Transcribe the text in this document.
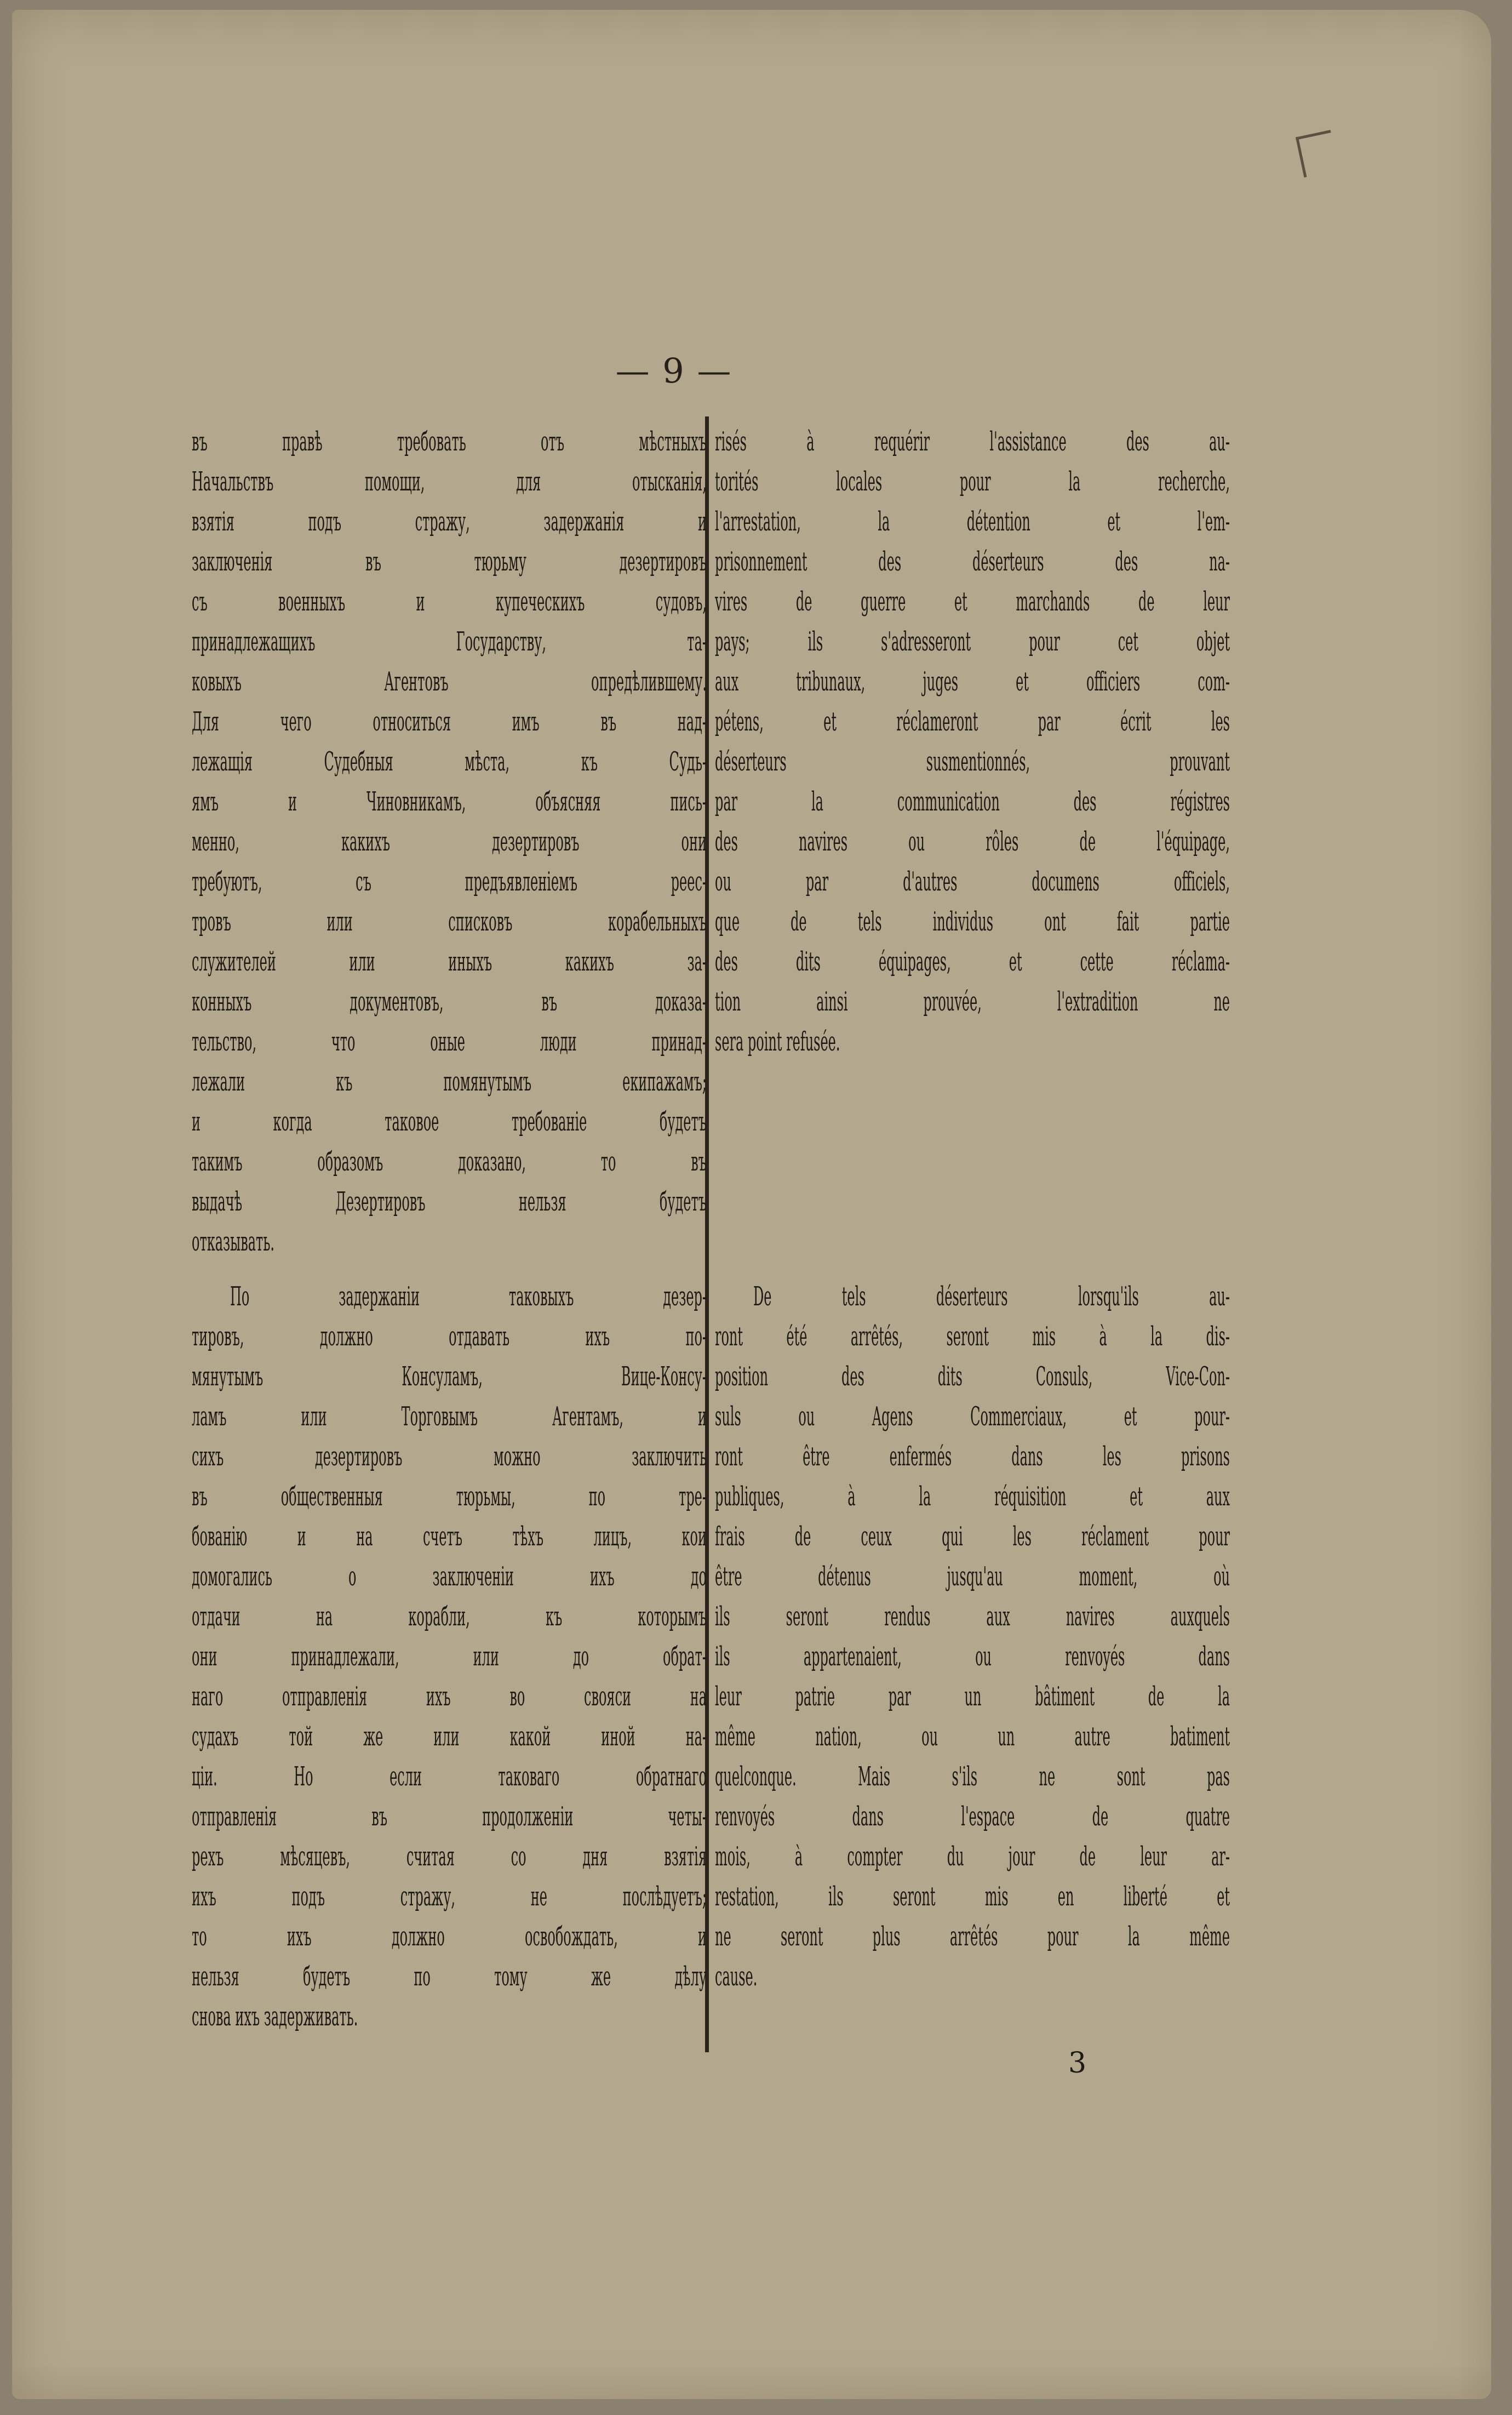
— 9 —

въ правѣ требовать отъ мѣстныхъ

Начальствъ помощи, для отысканія,

взятія подъ стражу, задержанія и

заключенія въ тюрьму дезертировъ

съ военныхъ и купеческихъ судовъ,

принадлежащихъ Государству, та-

ковыхъ Агентовъ опредѣлившему.

Для чего относиться имъ въ над-

лежащія Судебныя мѣста, къ Судь-

ямъ и Чиновникамъ, объясняя пись-

менно, какихъ дезертировъ они

требуютъ, съ предъявленіемъ реес-

тровъ или списковъ корабельныхъ

служителей или иныхъ какихъ за-

конныхъ документовъ, въ доказа-

тельство, что оные люди принад-

лежали къ помянутымъ екипажамъ;

и когда таковое требованіе будетъ

такимъ образомъ доказано, то въ

выдачѣ Дезертировъ нельзя будетъ

отказывать.

По задержаніи таковыхъ дезер-

тировъ, должно отдавать ихъ по-

мянутымъ Консуламъ, Вице-Консу-

ламъ или Торговымъ Агентамъ, и

сихъ дезертировъ можно заключить

въ общественныя тюрьмы, по тре-

бованію и на счетъ тѣхъ лицъ, кои

домогались о заключеніи ихъ до

отдачи на корабли, къ которымъ

они принадлежали, или до обрат-

наго отправленія ихъ во свояси на

судахъ той же или какой иной на-

ціи. Но если таковаго обратнаго

отправленія въ продолженіи четы-

рехъ мѣсяцевъ, считая со дня взятія

ихъ подъ стражу, не послѣдуетъ;

то ихъ должно освобождать, и

нельзя будетъ по тому же дѣлу

снова ихъ задерживать.

risés à requérir l'assistance des au-

torités locales pour la recherche,

l'arrestation, la détention et l'em-

prisonnement des déserteurs des na-

vires de guerre et marchands de leur

pays; ils s'adresseront pour cet objet

aux tribunaux, juges et officiers com-

pétens, et réclameront par écrit les

déserteurs susmentionnés, prouvant

par la communication des régistres

des navires ou rôles de l'équipage,

ou par d'autres documens officiels,

que de tels individus ont fait partie

des dits équipages, et cette réclama-

tion ainsi prouvée, l'extradition ne

sera point refusée.

De tels déserteurs lorsqu'ils au-

ront été arrêtés, seront mis à la dis-

position des dits Consuls, Vice-Con-

suls ou Agens Commerciaux, et pour-

ront être enfermés dans les prisons

publiques, à la réquisition et aux

frais de ceux qui les réclament pour

être détenus jusqu'au moment, où

ils seront rendus aux navires auxquels

ils appartenaient, ou renvoyés dans

leur patrie par un bâtiment de la

même nation, ou un autre batiment

quelconque. Mais s'ils ne sont pas

renvoyés dans l'espace de quatre

mois, à compter du jour de leur ar-

restation, ils seront mis en liberté et

ne seront plus arrêtés pour la même

cause.

3
